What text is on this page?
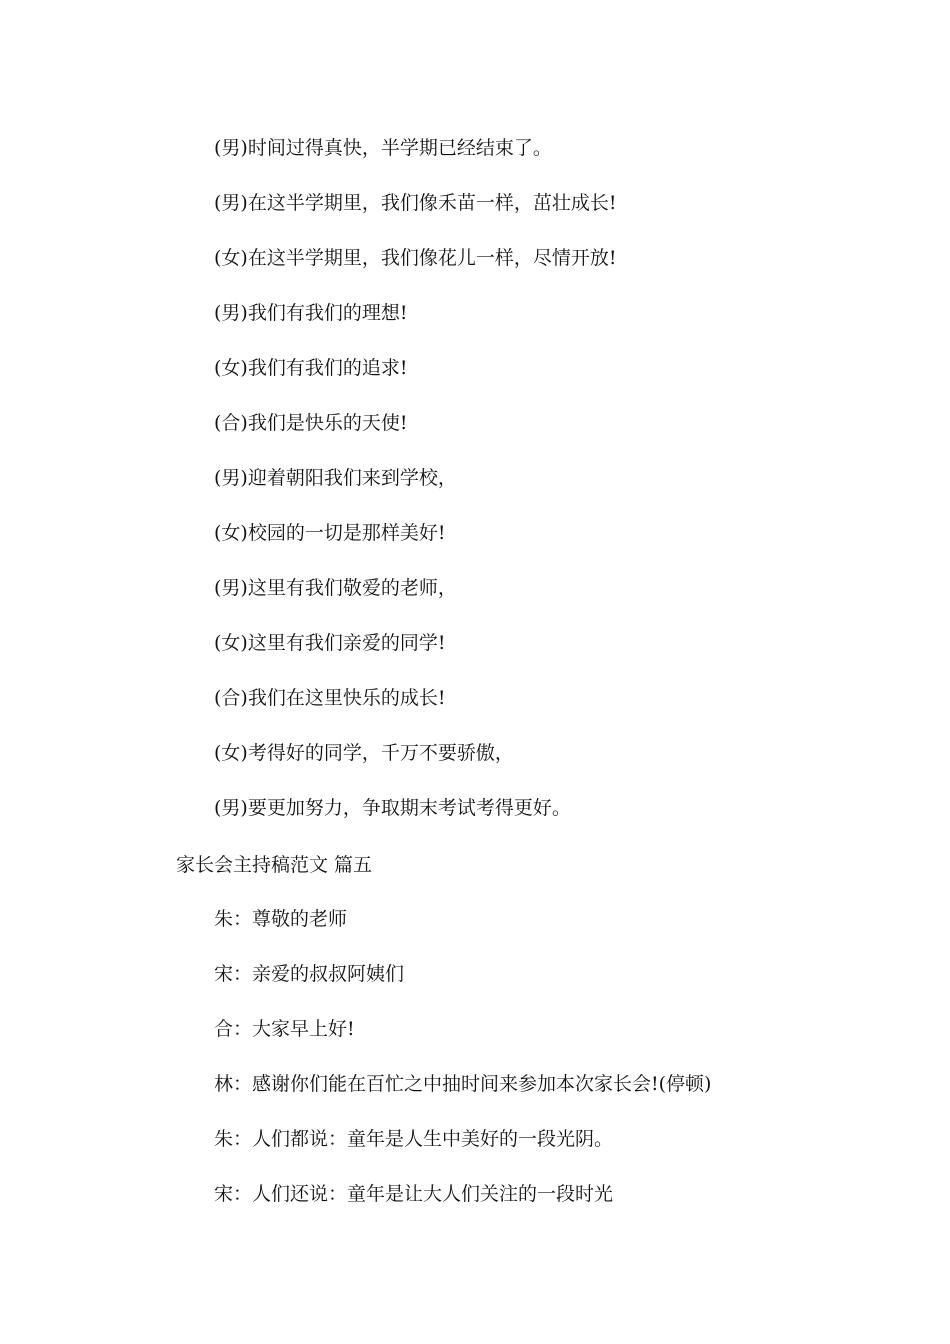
(男)时间过得真快，半学期已经结束了。
(男)在这半学期里，我们像禾苗一样，茁壮成长!
(女)在这半学期里，我们像花儿一样，尽情开放!
(男)我们有我们的理想!
(女)我们有我们的追求!
(合)我们是快乐的天使!
(男)迎着朝阳我们来到学校，
(女)校园的一切是那样美好!
(男)这里有我们敬爱的老师，
(女)这里有我们亲爱的同学!
(合)我们在这里快乐的成长!
(女)考得好的同学，千万不要骄傲，
(男)要更加努力，争取期末考试考得更好。
家长会主持稿范文 篇五
朱：尊敬的老师
宋：亲爱的叔叔阿姨们
合：大家早上好!
林：感谢你们能在百忙之中抽时间来参加本次家长会!(停顿)
朱：人们都说：童年是人生中美好的一段光阴。
宋：人们还说：童年是让大人们关注的一段时光
